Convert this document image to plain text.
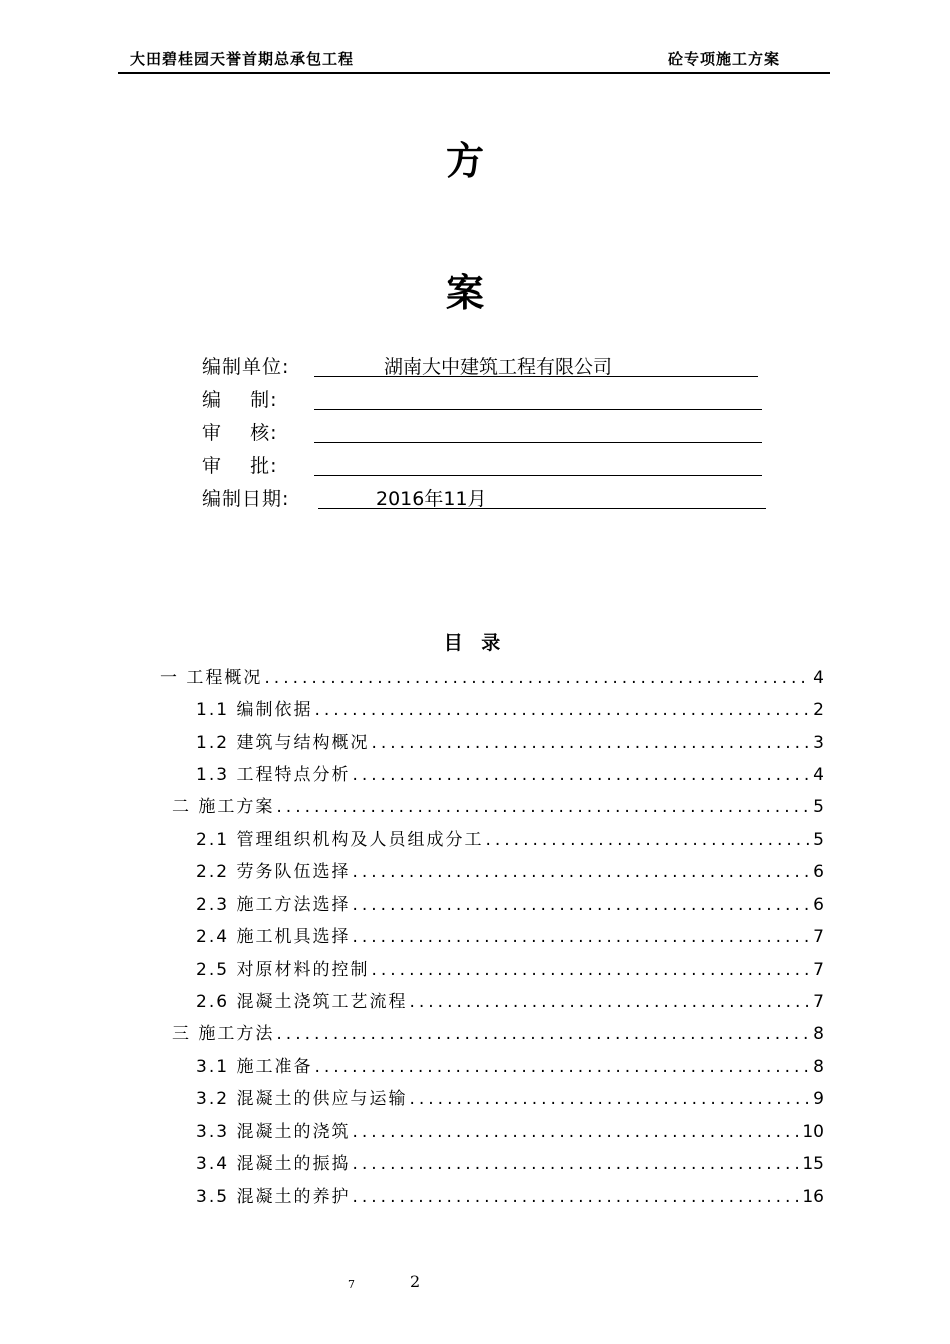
大田碧桂园天誉首期总承包工程	砼专项施工方案
方
案
编制单位:	湖南大中建筑工程有限公司
编    制:
审    核:
审    批:
编制日期:	2016年11月
目 录
一 工程概况 .....	4
1.1 编制依据 .....	2
1.2 建筑与结构概况 .....	3
1.3 工程特点分析 .....	4
二 施工方案 .....	5
2.1 管理组织机构及人员组成分工 .....	5
2.2 劳务队伍选择 .....	6
2.3 施工方法选择 .....	6
2.4 施工机具选择 .....	7
2.5 对原材料的控制 .....	7
2.6 混凝土浇筑工艺流程 .....	7
三 施工方法 .....	8
3.1 施工准备 .....	8
3.2 混凝土的供应与运输 .....	9
3.3 混凝土的浇筑 .....	10
3.4 混凝土的振捣 .....	15
3.5 混凝土的养护 .....	16
7	2
